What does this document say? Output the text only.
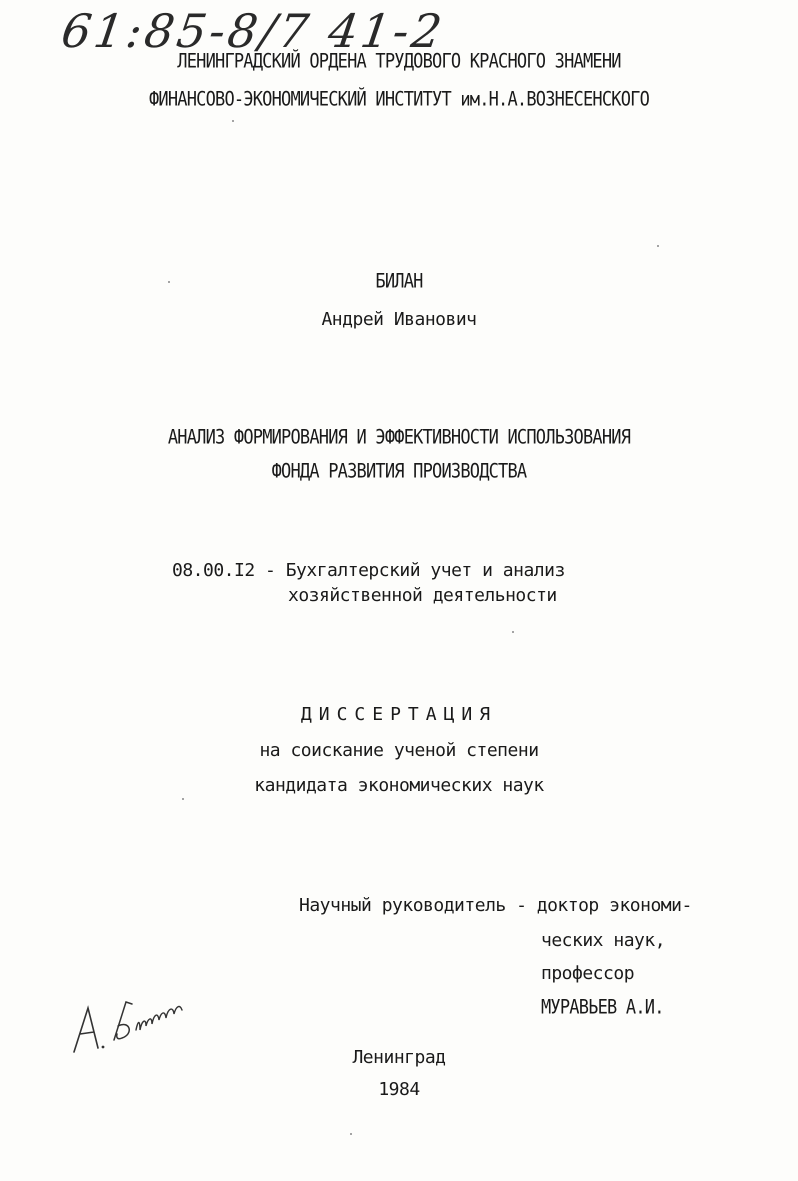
61:85-8/7 41-2
ЛЕНИНГРАДСКИЙ ОРДЕНА ТРУДОВОГО КРАСНОГО ЗНАМЕНИ
ФИНАНСОВО-ЭКОНОМИЧЕСКИЙ ИНСТИТУТ им.Н.А.ВОЗНЕСЕНСКОГО
БИЛАН
Андрей Иванович
АНАЛИЗ ФОРМИРОВАНИЯ И ЭФФЕКТИВНОСТИ ИСПОЛЬЗОВАНИЯ
ФОНДА РАЗВИТИЯ ПРОИЗВОДСТВА
08.00.I2 - Бухгалтерский учет и анализ
хозяйственной деятельности
ДИССЕРТАЦИЯ
на соискание ученой степени
кандидата экономических наук
Научный руководитель - доктор экономи-
ческих наук,
профессор
МУРАВЬЕВ А.И.
Ленинград
1984
